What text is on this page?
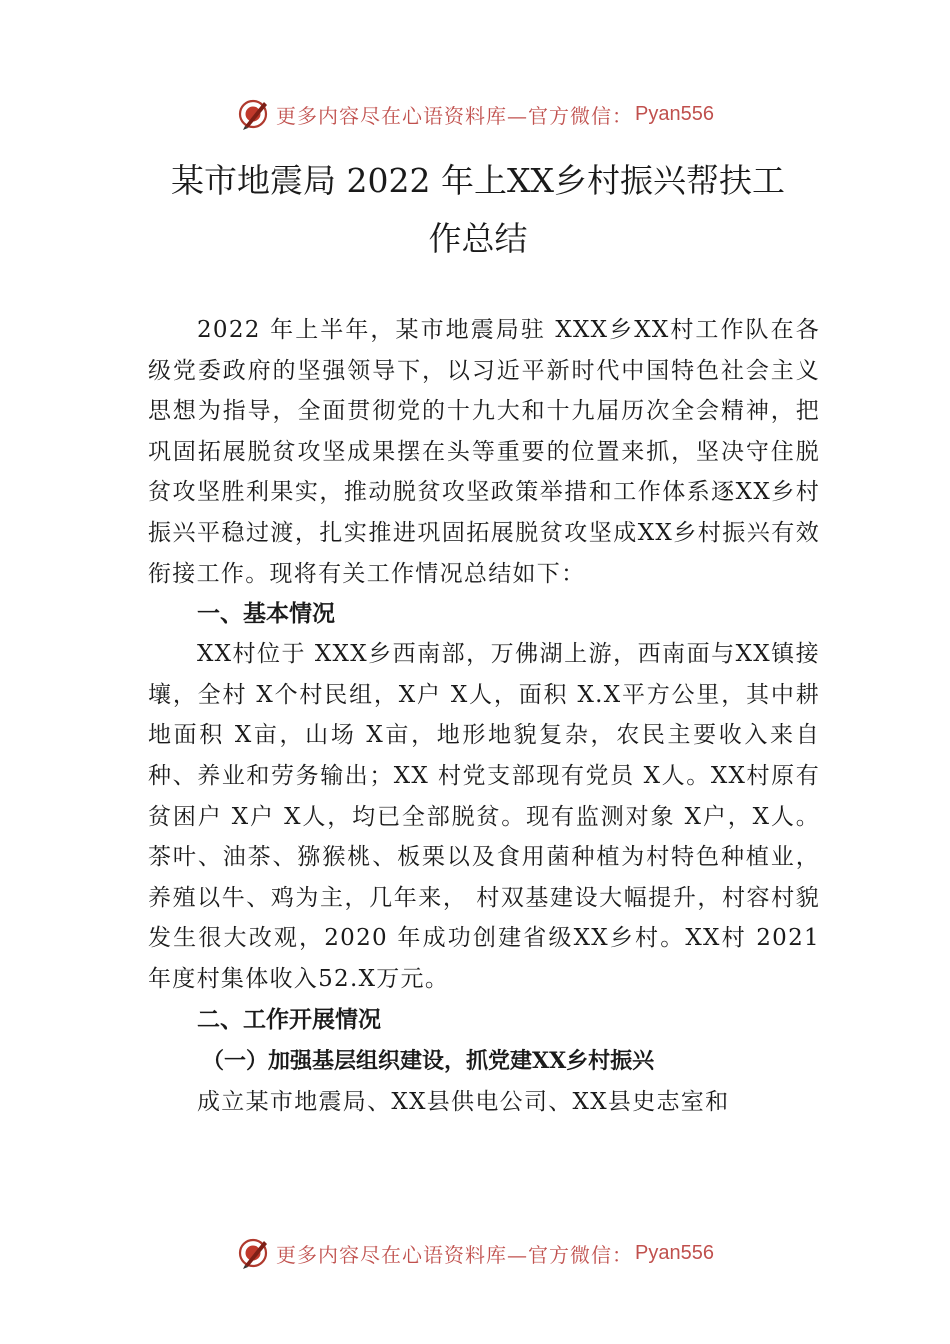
更多内容尽在心语资料库—官方微信： Pyan556
某市地震局 2022 年上XX乡村振兴帮扶工
作总结

2022 年上半年，某市地震局驻 XXX乡XX村工作队在各级党委政府的坚强领导下，以习近平新时代中国特色社会主义思想为指导，全面贯彻党的十九大和十九届历次全会精神，把巩固拓展脱贫攻坚成果摆在头等重要的位置来抓，坚决守住脱贫攻坚胜利果实，推动脱贫攻坚政策举措和工作体系逐XX乡村振兴平稳过渡，扎实推进巩固拓展脱贫攻坚成XX乡村振兴有效衔接工作。现将有关工作情况总结如下：

一、基本情况

XX村位于 XXX乡西南部，万佛湖上游，西南面与XX镇接壤，全村 X个村民组，X户 X人，面积 X.X平方公里，其中耕地面积 X亩，山场 X亩，地形地貌复杂，农民主要收入来自种、养业和劳务输出；XX 村党支部现有党员 X人。XX村原有贫困户 X户 X人，均已全部脱贫。现有监测对象 X户，X人。茶叶、油茶、猕猴桃、板栗以及食用菌种植为村特色种植业，养殖以牛、鸡为主，几年来， 村双基建设大幅提升，村容村貌发生很大改观，2020 年成功创建省级XX乡村。XX村 2021 年度村集体收入52.X万元。

二、工作开展情况

（一）加强基层组织建设，抓党建XX乡村振兴

成立某市地震局、XX县供电公司、XX县史志室和

更多内容尽在心语资料库—官方微信： Pyan556
